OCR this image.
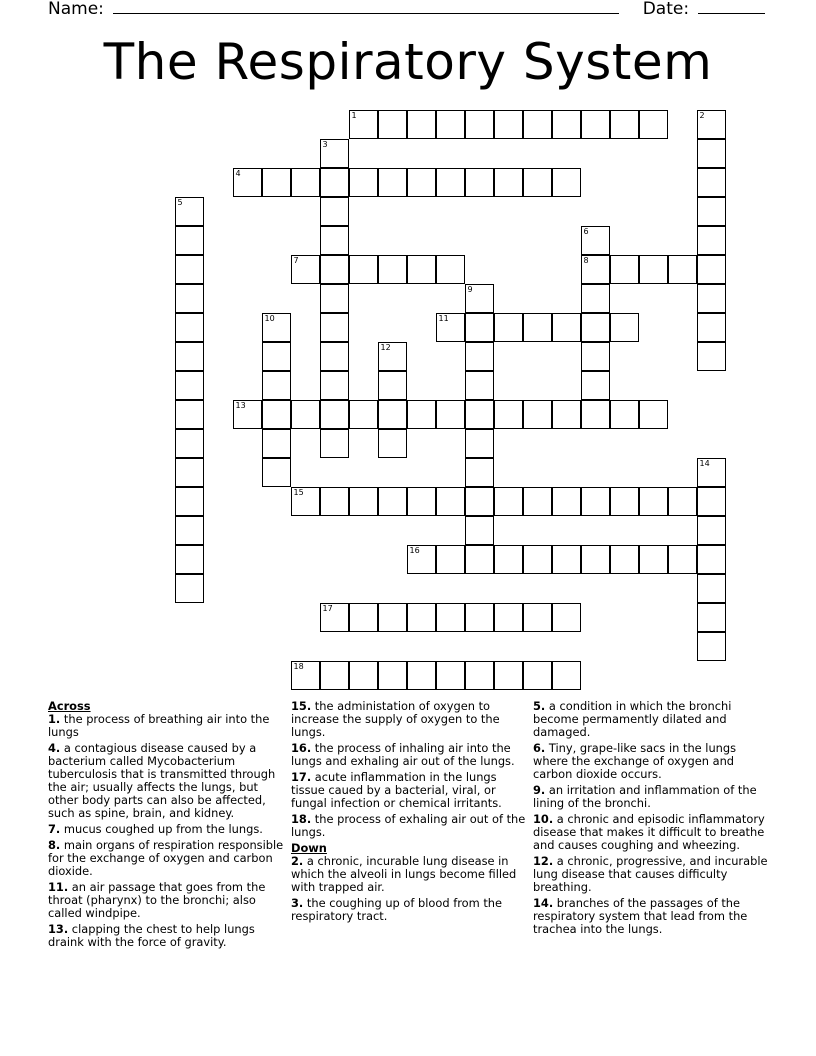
Name:	Date:
The Respiratory System
1	2
3
4
5
6
8
7
9
10	11
12
13
14
15
16
17
18
Across
1. the process of breathing air into the lungs
4. a contagious disease caused by a bacterium called Mycobacterium tuberculosis that is transmitted through the air; usually affects the lungs, but other body parts can also be affected, such as spine, brain, and kidney.
7. mucus coughed up from the lungs.
8. main organs of respiration responsible for the exchange of oxygen and carbon dioxide.
11. an air passage that goes from the throat (pharynx) to the bronchi; also called windpipe.
13. clapping the chest to help lungs draink with the force of gravity.
15. the administation of oxygen to increase the supply of oxygen to the lungs.
16. the process of inhaling air into the lungs and exhaling air out of the lungs.
17. acute inflammation in the lungs tissue caued by a bacterial, viral, or fungal infection or chemical irritants.
18. the process of exhaling air out of the lungs.
Down
2. a chronic, incurable lung disease in which the alveoli in lungs become filled with trapped air.
3. the coughing up of blood from the respiratory tract.
5. a condition in which the bronchi become permamently dilated and damaged.
6. Tiny, grape-like sacs in the lungs where the exchange of oxygen and carbon dioxide occurs.
9. an irritation and inflammation of the lining of the bronchi.
10. a chronic and episodic inflammatory disease that makes it difficult to breathe and causes coughing and wheezing.
12. a chronic, progressive, and incurable lung disease that causes difficulty breathing.
14. branches of the passages of the respiratory system that lead from the trachea into the lungs.
